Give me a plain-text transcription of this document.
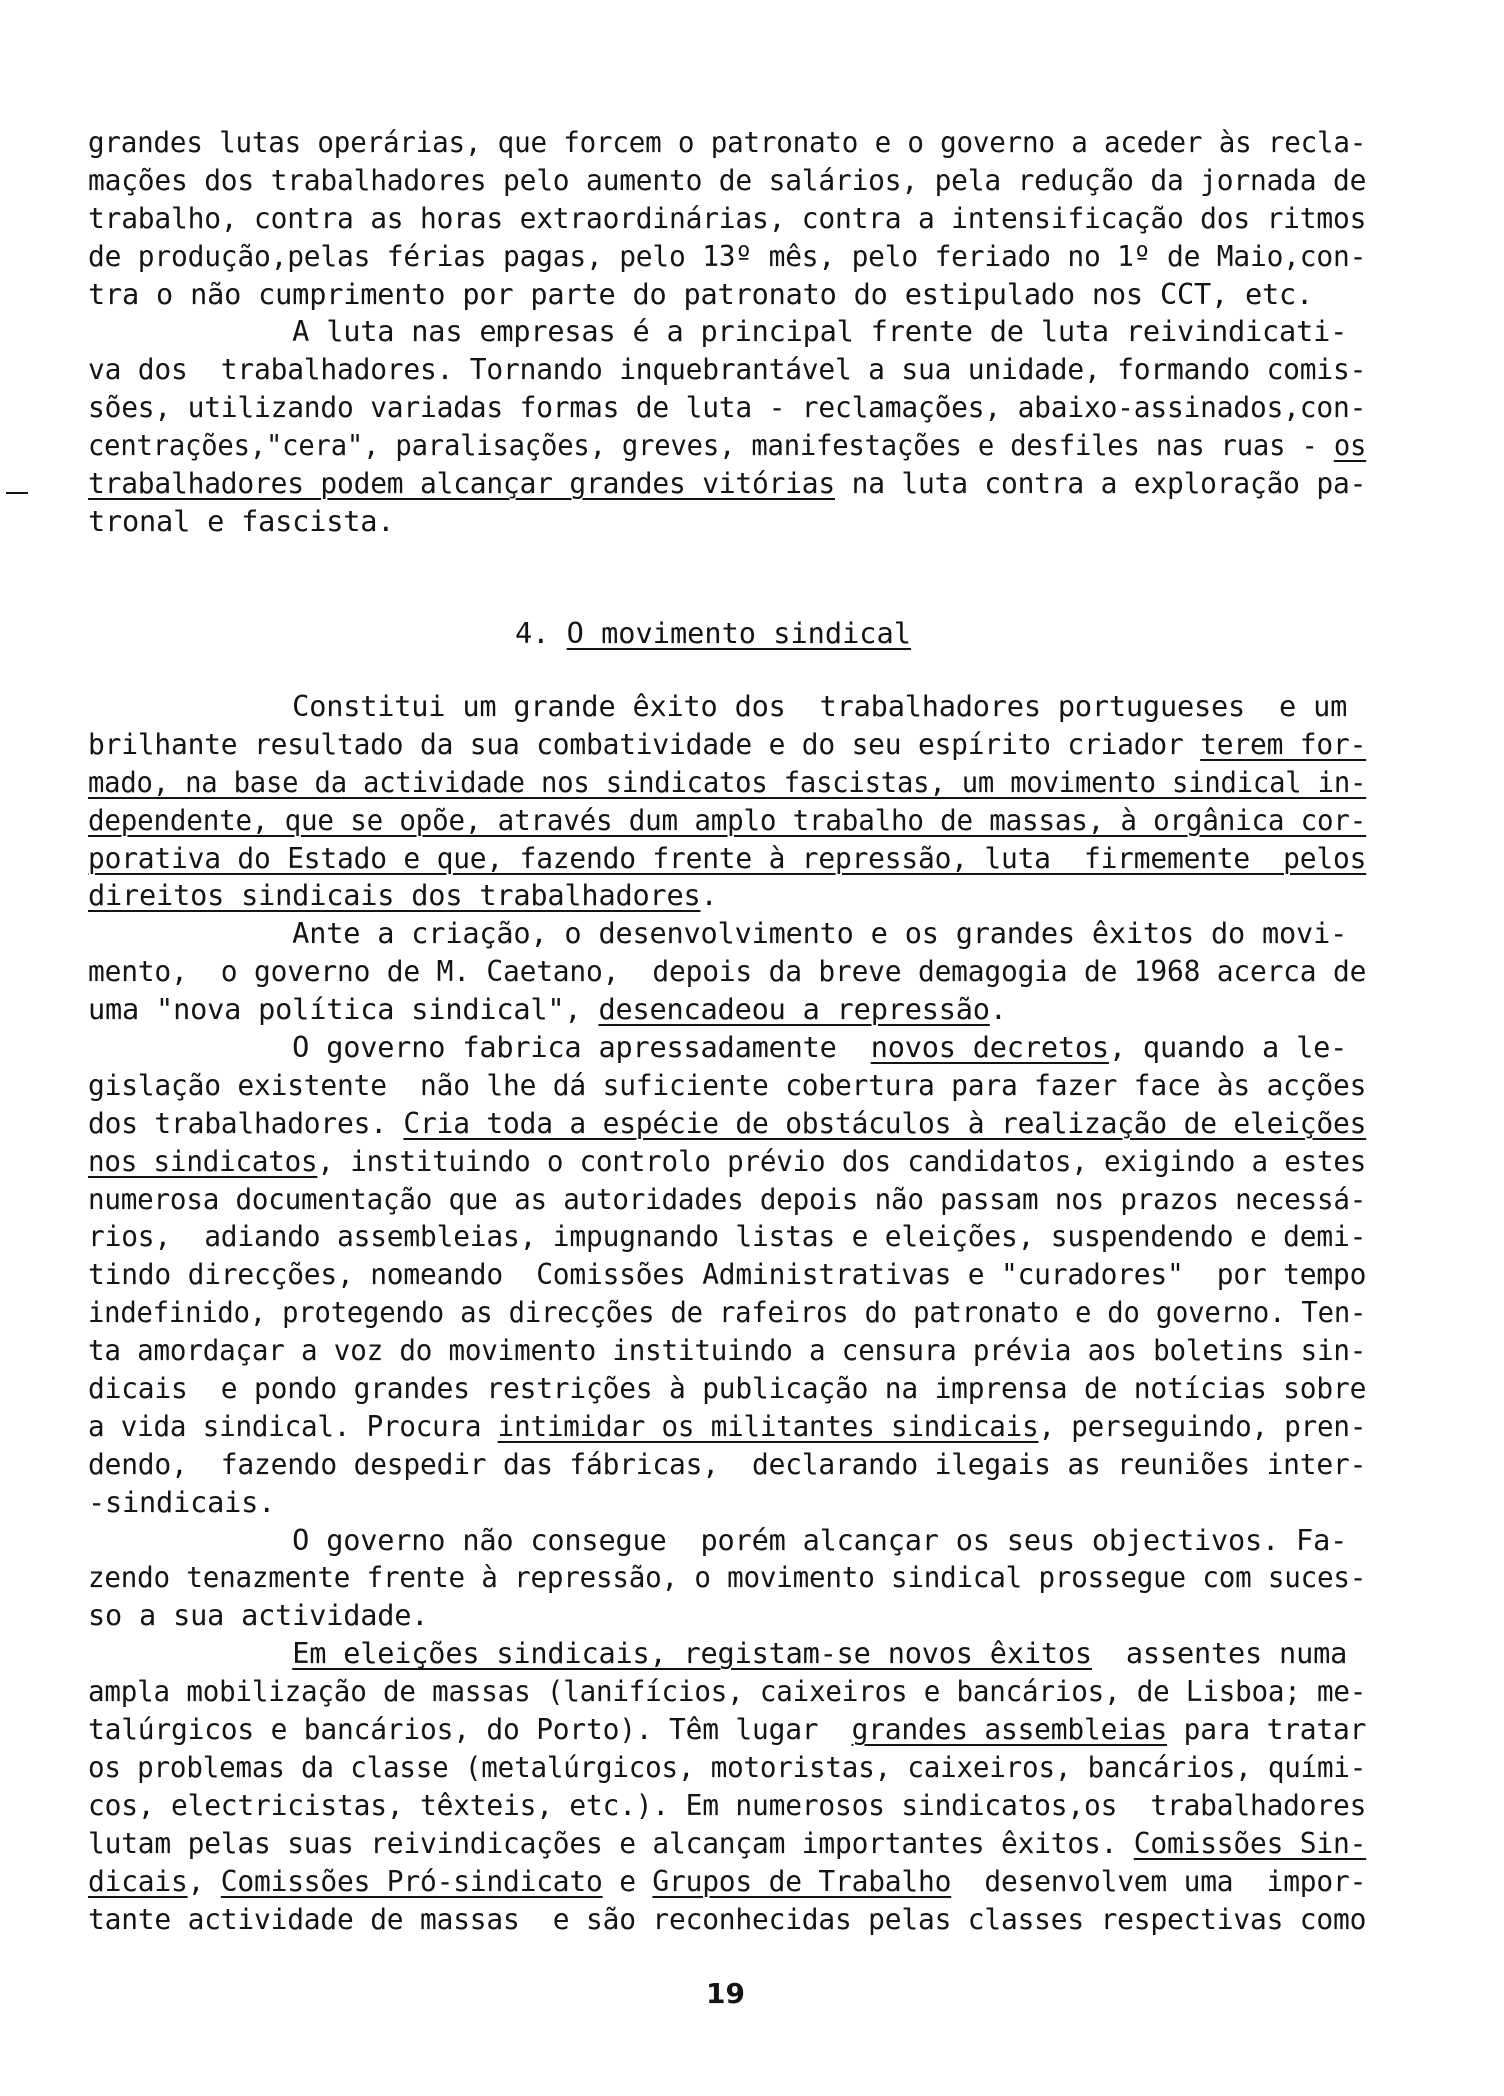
grandes lutas operárias, que forcem o patronato e o governo a aceder às recla-
mações dos trabalhadores pelo aumento de salários, pela redução da jornada de
trabalho, contra as horas extraordinárias, contra a intensificação dos ritmos
de produção,pelas férias pagas, pelo 13º mês, pelo feriado no 1º de Maio,con-
tra o não cumprimento por parte do patronato do estipulado nos CCT, etc.
A luta nas empresas é a principal frente de luta reivindicati-
va dos  trabalhadores. Tornando inquebrantável a sua unidade, formando comis-
sões, utilizando variadas formas de luta - reclamações, abaixo-assinados,con-
centrações,"cera", paralisações, greves, manifestações e desfiles nas ruas - os
trabalhadores podem alcançar grandes vitórias na luta contra a exploração pa-
tronal e fascista.
4. O movimento sindical
Constitui um grande êxito dos  trabalhadores portugueses  e um
brilhante resultado da sua combatividade e do seu espírito criador terem for-
mado, na base da actividade nos sindicatos fascistas, um movimento sindical in-
dependente, que se opõe, através dum amplo trabalho de massas, à orgânica cor-
porativa do Estado e que, fazendo frente à repressão, luta  firmemente  pelos
direitos sindicais dos trabalhadores.
Ante a criação, o desenvolvimento e os grandes êxitos do movi-
mento,  o governo de M. Caetano,  depois da breve demagogia de 1968 acerca de
uma "nova política sindical", desencadeou a repressão.
O governo fabrica apressadamente  novos decretos, quando a le-
gislação existente  não lhe dá suficiente cobertura para fazer face às acções
dos trabalhadores. Cria toda a espécie de obstáculos à realização de eleições
nos sindicatos, instituindo o controlo prévio dos candidatos, exigindo a estes
numerosa documentação que as autoridades depois não passam nos prazos necessá-
rios,  adiando assembleias, impugnando listas e eleições, suspendendo e demi-
tindo direcções, nomeando  Comissões Administrativas e "curadores"  por tempo
indefinido, protegendo as direcções de rafeiros do patronato e do governo. Ten-
ta amordaçar a voz do movimento instituindo a censura prévia aos boletins sin-
dicais  e pondo grandes restrições à publicação na imprensa de notícias sobre
a vida sindical. Procura intimidar os militantes sindicais, perseguindo, pren-
dendo,  fazendo despedir das fábricas,  declarando ilegais as reuniões inter-
-sindicais.
O governo não consegue  porém alcançar os seus objectivos. Fa-
zendo tenazmente frente à repressão, o movimento sindical prossegue com suces-
so a sua actividade.
Em eleições sindicais, registam-se novos êxitos  assentes numa
ampla mobilização de massas (lanifícios, caixeiros e bancários, de Lisboa; me-
talúrgicos e bancários, do Porto). Têm lugar  grandes assembleias para tratar
os problemas da classe (metalúrgicos, motoristas, caixeiros, bancários, quími-
cos, electricistas, têxteis, etc.). Em numerosos sindicatos,os  trabalhadores
lutam pelas suas reivindicações e alcançam importantes êxitos. Comissões Sin-
dicais, Comissões Pró-sindicato e Grupos de Trabalho  desenvolvem uma  impor-
tante actividade de massas  e são reconhecidas pelas classes respectivas como
19
